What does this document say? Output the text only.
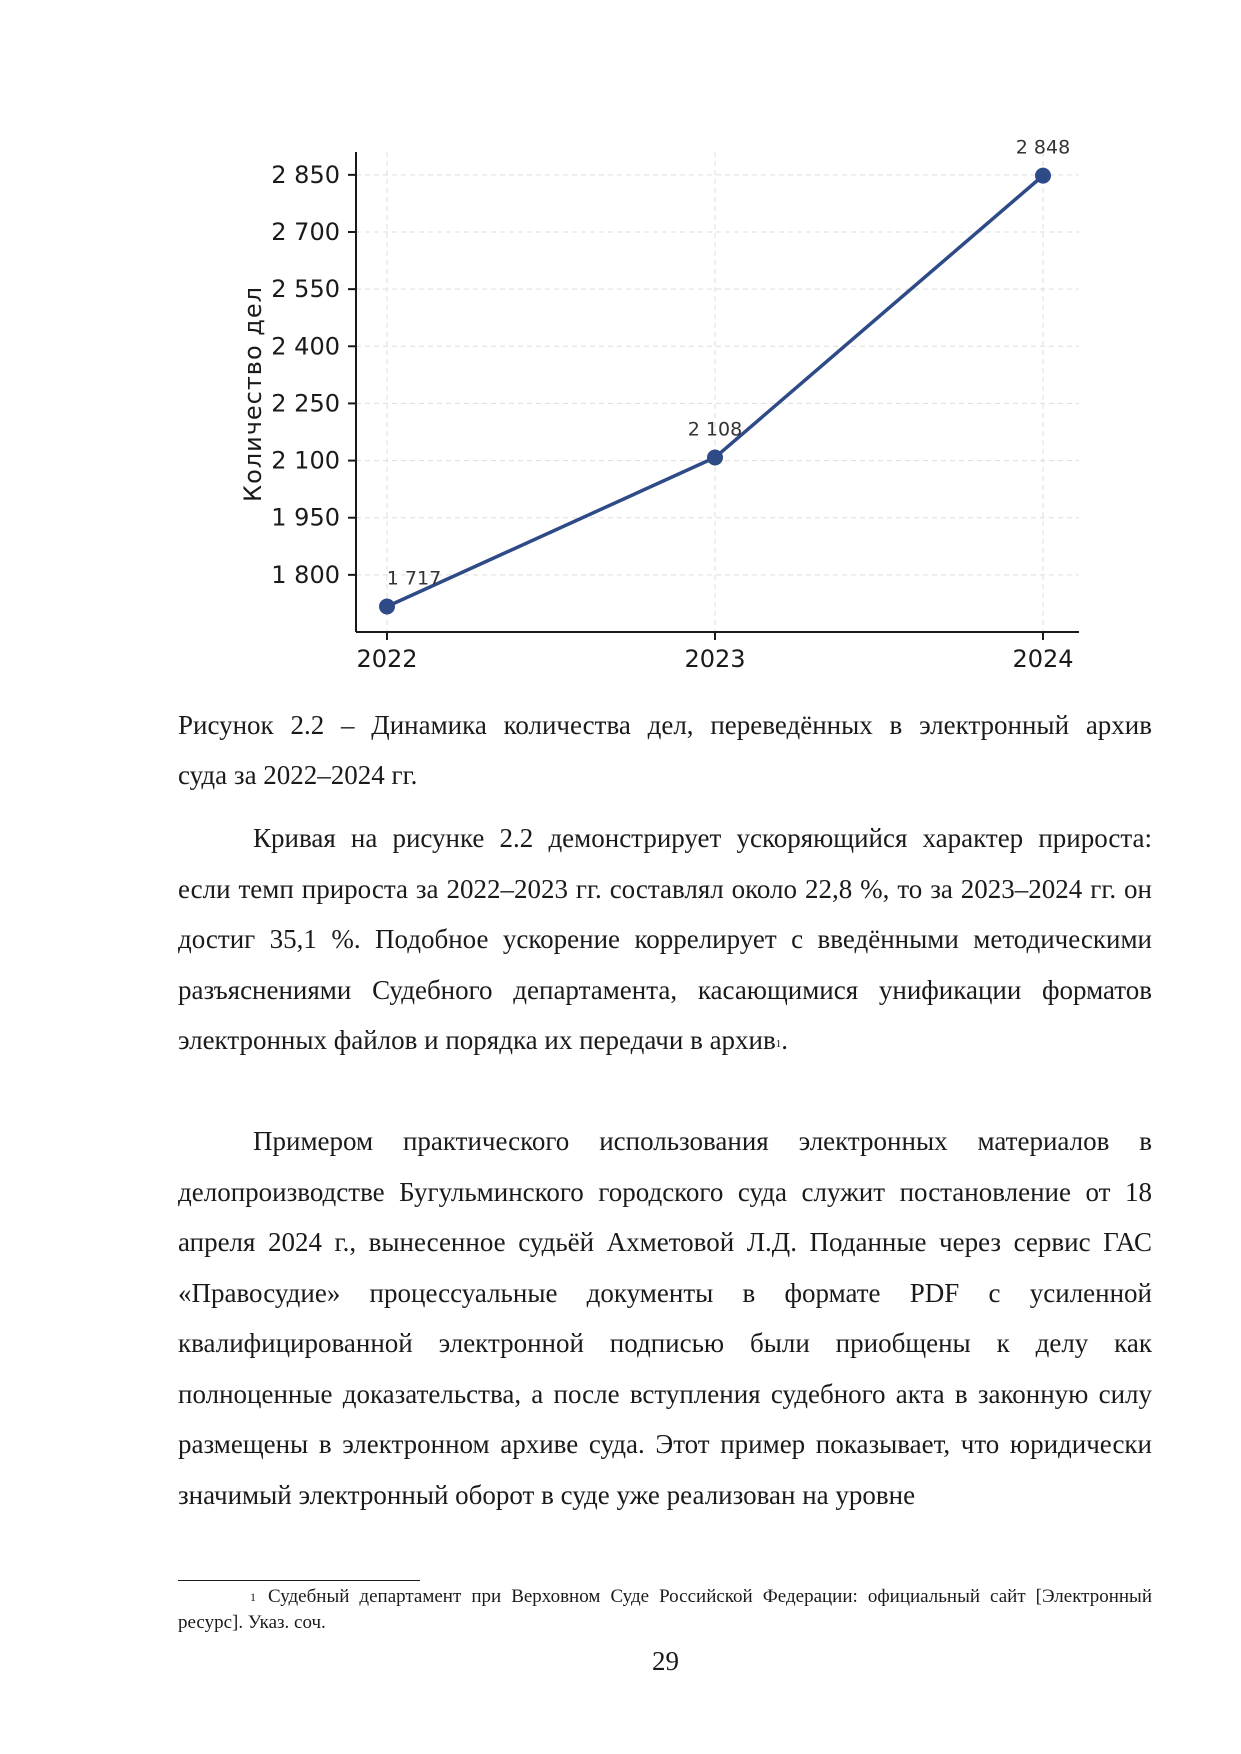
1 800
1 950
2 100
2 250
2 400
2 550
2 700
2 850
2022	2023	2024
Количество дел
1 717
2 108
2 848
Рисунок 2.2 – Динамика количества дел, переведённых в электронный архив
суда за 2022–2024 гг.

Кривая на рисунке 2.2 демонстрирует ускоряющийся характер прироста: если темп прироста за 2022–2023 гг. составлял около 22,8 %, то за 2023–2024 гг. он достиг 35,1 %. Подобное ускорение коррелирует с введёнными методическими разъяснениями Судебного департамента, касающимися унификации форматов электронных файлов и порядка их передачи в архив$^1$.

Примером практического использования электронных материалов в делопроизводстве Бугульминского городского суда служит постановление от 18 апреля 2024 г., вынесенное судьёй Ахметовой Л.Д. Поданные через сервис ГАС «Правосудие» процессуальные документы в формате PDF с усиленной квалифицированной электронной подписью были приобщены к делу как полноценные доказательства, а после вступления судебного акта в законную силу размещены в электронном архиве суда. Этот пример показывает, что юридически значимый электронный оборот в суде уже реализован на уровне

$^1$ Судебный департамент при Верховном Суде Российской Федерации: официальный сайт [Электронный ресурс]. Указ. соч.
29
